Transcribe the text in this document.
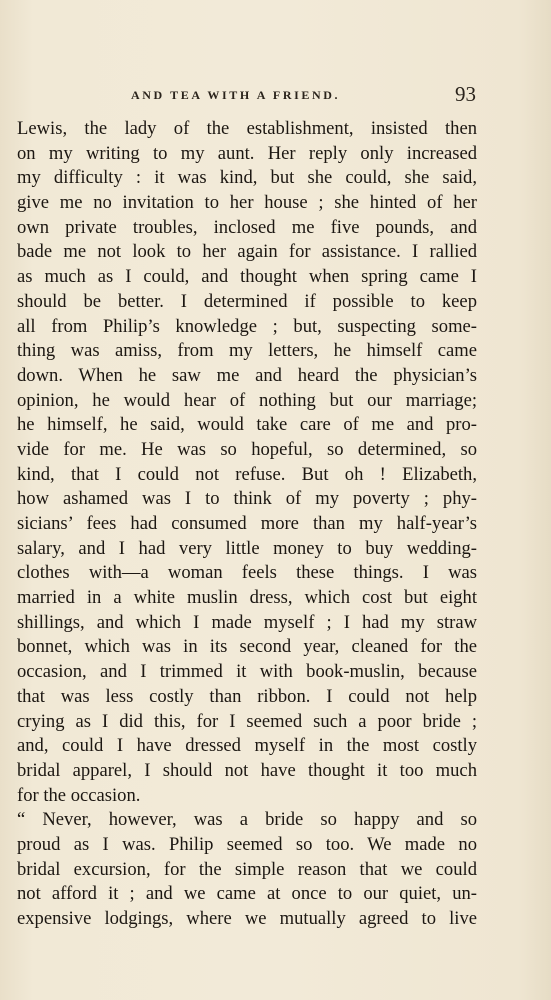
AND TEA WITH A FRIEND.	93
Lewis, the lady of the establishment, insisted then
on my writing to my aunt. Her reply only increased
my difficulty : it was kind, but she could, she said,
give me no invitation to her house ; she hinted of her
own private troubles, inclosed me five pounds, and
bade me not look to her again for assistance. I rallied
as much as I could, and thought when spring came I
should be better. I determined if possible to keep
all from Philip’s knowledge ; but, suspecting some-
thing was amiss, from my letters, he himself came
down. When he saw me and heard the physician’s
opinion, he would hear of nothing but our marriage;
he himself, he said, would take care of me and pro-
vide for me. He was so hopeful, so determined, so
kind, that I could not refuse. But oh ! Elizabeth,
how ashamed was I to think of my poverty ; phy-
sicians’ fees had consumed more than my half-year’s
salary, and I had very little money to buy wedding-
clothes with—a woman feels these things. I was
married in a white muslin dress, which cost but eight
shillings, and which I made myself ; I had my straw
bonnet, which was in its second year, cleaned for the
occasion, and I trimmed it with book-muslin, because
that was less costly than ribbon. I could not help
crying as I did this, for I seemed such a poor bride ;
and, could I have dressed myself in the most costly
bridal apparel, I should not have thought it too much
for the occasion.
“ Never, however, was a bride so happy and so
proud as I was. Philip seemed so too. We made no
bridal excursion, for the simple reason that we could
not afford it ; and we came at once to our quiet, un-
expensive lodgings, where we mutually agreed to live
